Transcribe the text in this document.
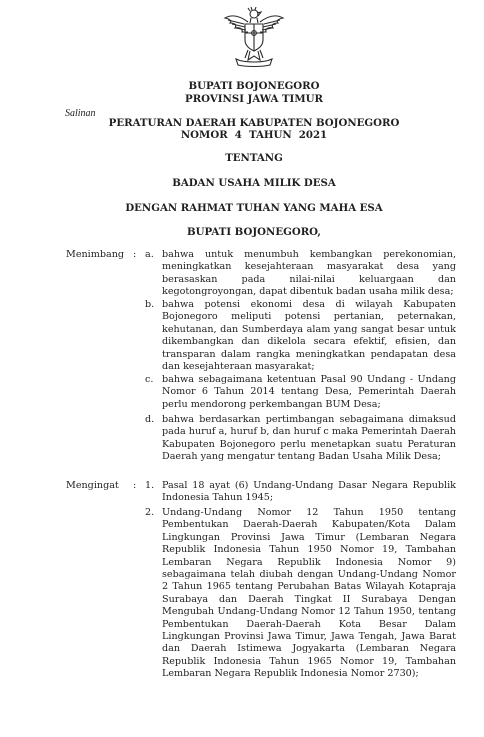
BUPATI BOJONEGORO
PROVINSI JAWA TIMUR
Salinan
PERATURAN DAERAH KABUPATEN BOJONEGORO
NOMOR  4  TAHUN  2021
TENTANG
BADAN USAHA MILIK DESA
DENGAN RAHMAT TUHAN YANG MAHA ESA
BUPATI BOJONEGORO,
Menimbang : a. bahwa untuk menumbuh kembangkan perekonomian, meningkatkan kesejahteraan masyarakat desa yang berasaskan pada nilai-nilai keluargaan dan kegotongroyongan, dapat dibentuk badan usaha milik desa;
b. bahwa potensi ekonomi desa di wilayah Kabupaten Bojonegoro meliputi potensi pertanian, peternakan, kehutanan, dan Sumberdaya alam yang sangat besar untuk dikembangkan dan dikelola secara efektif, efisien, dan transparan dalam rangka meningkatkan pendapatan desa dan kesejahteraan masyarakat;
c. bahwa sebagaimana ketentuan Pasal 90 Undang - Undang Nomor 6 Tahun 2014 tentang Desa, Pemerintah Daerah perlu mendorong perkembangan BUM Desa;
d. bahwa berdasarkan pertimbangan sebagaimana dimaksud pada huruf a, huruf b, dan huruf c maka Pemerintah Daerah Kabupaten Bojonegoro perlu menetapkan suatu Peraturan Daerah yang mengatur tentang Badan Usaha Milik Desa;
Mengingat : 1. Pasal 18 ayat (6) Undang-Undang Dasar Negara Republik Indonesia Tahun 1945;
2. Undang-Undang Nomor 12 Tahun 1950 tentang Pembentukan Daerah-Daerah Kabupaten/Kota Dalam Lingkungan Provinsi Jawa Timur (Lembaran Negara Republik Indonesia Tahun 1950 Nomor 19, Tambahan Lembaran Negara Republik Indonesia Nomor 9) sebagaimana telah diubah dengan Undang-Undang Nomor 2 Tahun 1965 tentang Perubahan Batas Wilayah Kotapraja Surabaya dan Daerah Tingkat II Surabaya Dengan Mengubah Undang-Undang Nomor 12 Tahun 1950, tentang Pembentukan Daerah-Daerah Kota Besar Dalam Lingkungan Provinsi Jawa Timur, Jawa Tengah, Jawa Barat dan Daerah Istimewa Jogyakarta (Lembaran Negara Republik Indonesia Tahun 1965 Nomor 19, Tambahan Lembaran Negara Republik Indonesia Nomor 2730);
